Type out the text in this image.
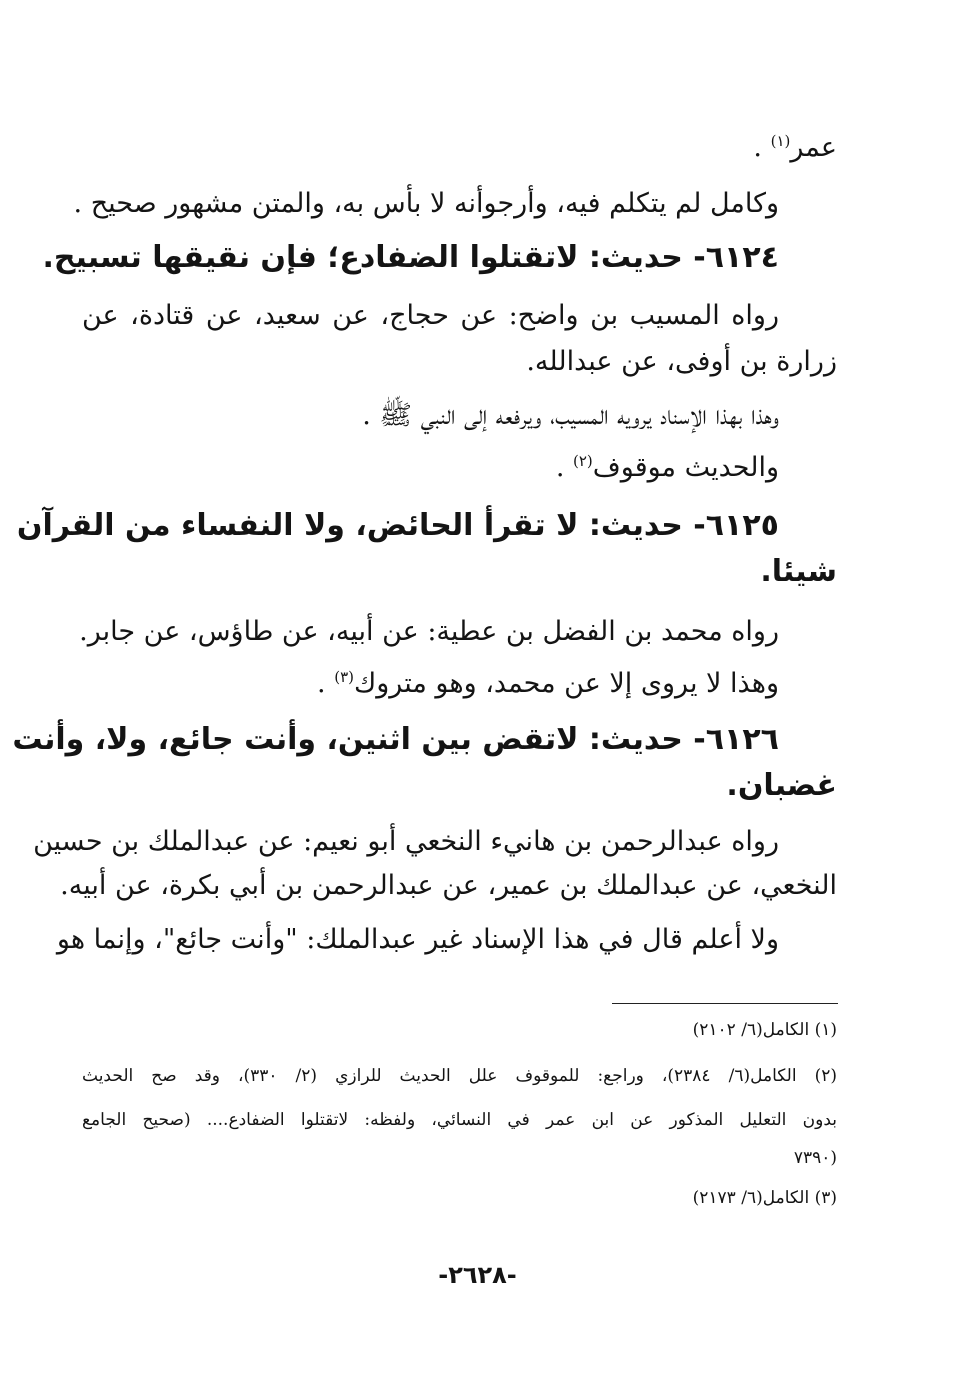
عمر$^{(١)}$ .
وكامل لم يتكلم فيه، وأرجوأنه لا بأس به، والمتن مشهور صحيح .
٦١٢٤- حديث: لاتقتلوا الضفادع؛ فإن نقيقها تسبيح.
رواه المسيب بن واضح: عن حجاج، عن سعيد، عن قتادة، عن
زرارة بن أوفى، عن عبدالله.
وهذا بهذا الإسناد يرويه المسيب، ويرفعه إلى النبي ﷺ .
والحديث موقوف$^{(٢)}$ .
٦١٢٥- حديث: لا تقرأ الحائض، ولا النفساء من القرآن
شيئا.
رواه محمد بن الفضل بن عطية: عن أبيه، عن طاؤس، عن جابر.
وهذا لا يروى إلا عن محمد، وهو متروك$^{(٣)}$ .
٦١٢٦- حديث: لاتقض بين اثنين، وأنت جائع، ولا، وأنت
غضبان.
رواه عبدالرحمن بن هانيء النخعي أبو نعيم: عن عبدالملك بن حسين
النخعي، عن عبدالملك بن عمير، عن عبدالرحمن بن أبي بكرة، عن أبيه.
ولا أعلم قال في هذا الإسناد غير عبدالملك: "وأنت جائع"، وإنما هو
(١) الكامل(٦/ ٢١٠٢)
(٢) الكامل(٦/ ٢٣٨٤)، وراجع: للموقوف علل الحديث للرازي (٢/ ٣٣٠)، وقد صح الحديث
بدون التعليل المذكور عن ابن عمر في النسائي، ولفظه: لاتقتلوا الضفادع.... (صحيح الجامع
(٧٣٩٠
(٣) الكامل(٦/ ٢١٧٣)
-٢٦٢٨-
